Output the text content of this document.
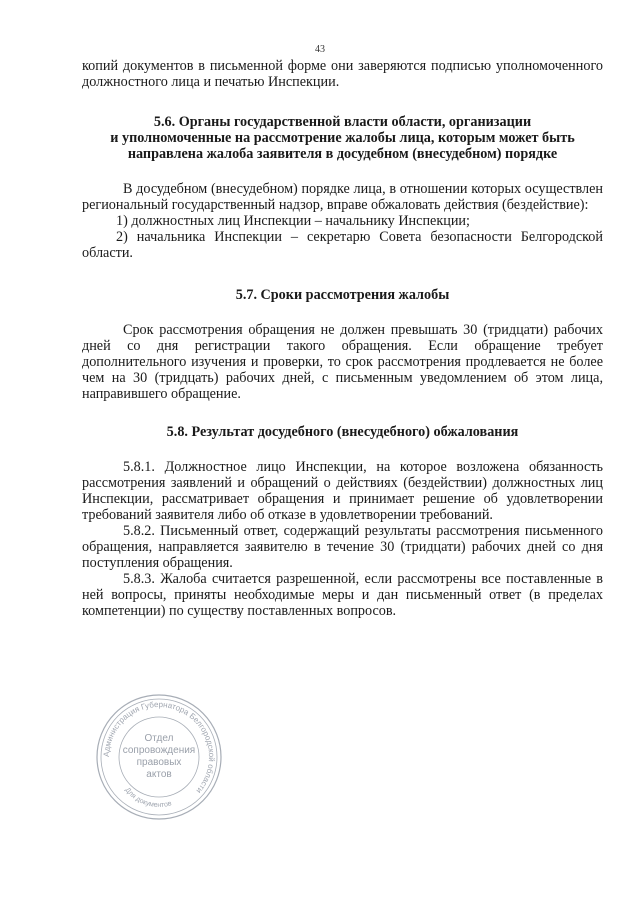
43

копий документов в письменной форме они заверяются подписью уполномоченного должностного лица и печатью Инспекции.

5.6. Органы государственной власти области, организации

и уполномоченные на рассмотрение жалобы лица, которым может быть

направлена жалоба заявителя в досудебном (внесудебном) порядке

В досудебном (внесудебном) порядке лица, в отношении которых осуществлен региональный государственный надзор, вправе обжаловать действия (бездействие):

1) должностных лиц Инспекции – начальнику Инспекции;

2) начальника Инспекции – секретарю Совета безопасности Белгородской области.

5.7. Сроки рассмотрения жалобы

Срок рассмотрения обращения не должен превышать 30 (тридцати) рабочих дней со дня регистрации такого обращения. Если обращение требует дополнительного изучения и проверки, то срок рассмотрения продлевается не более чем на 30 (тридцать) рабочих дней, с письменным уведомлением об этом лица, направившего обращение.

5.8. Результат досудебного (внесудебного) обжалования

5.8.1. Должностное лицо Инспекции, на которое возложена обязанность рассмотрения заявлений и обращений о действиях (бездействии) должностных лиц Инспекции, рассматривает обращения и принимает решение об удовлетворении требований заявителя либо об отказе в удовлетворении требований.

5.8.2. Письменный ответ, содержащий результаты рассмотрения письменного обращения, направляется заявителю в течение 30 (тридцати) рабочих дней со дня поступления обращения.

5.8.3. Жалоба считается разрешенной, если рассмотрены все поставленные в ней вопросы, приняты необходимые меры и дан письменный ответ (в пределах компетенции) по существу поставленных вопросов.

Администрация Губернатора Белгородской области
Для документов
Отдел
сопровождения
правовых
актов
